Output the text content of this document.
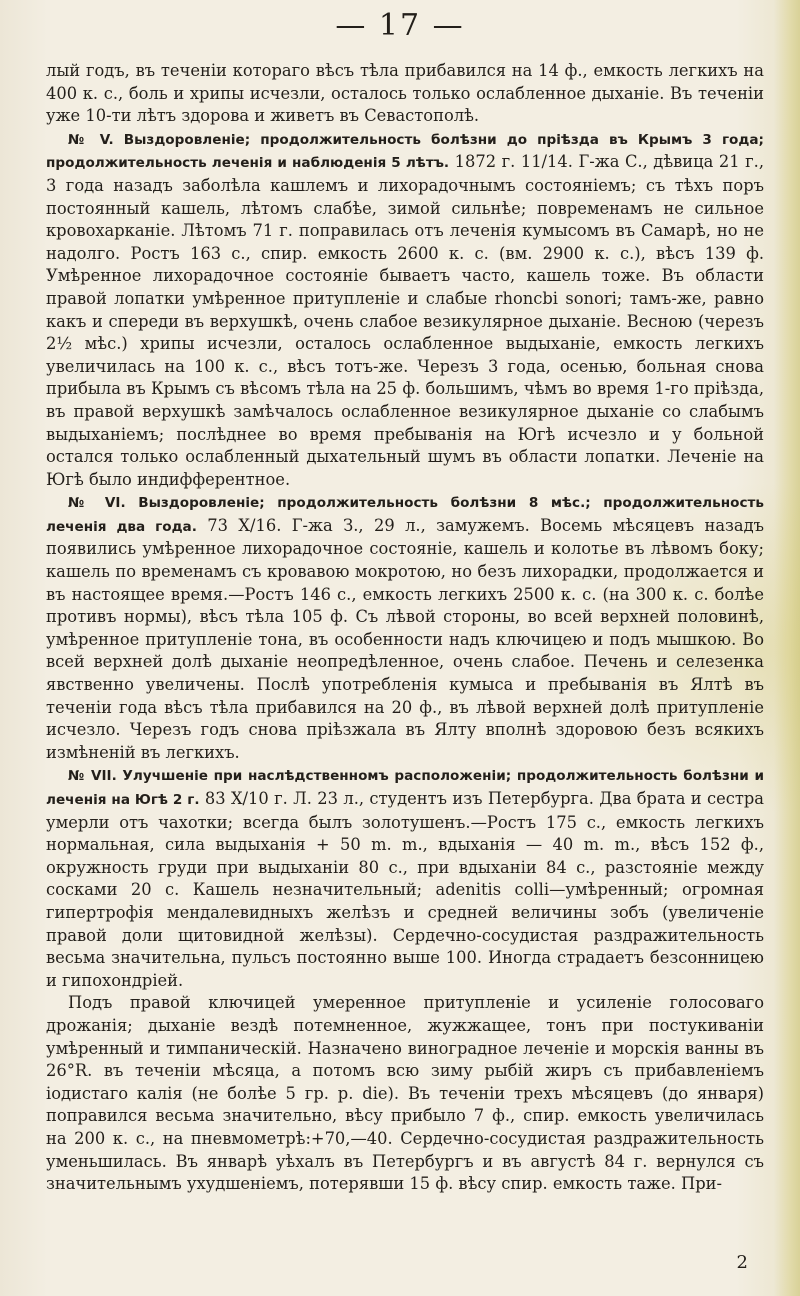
— 17 —

лый годъ, въ теченіи котораго вѣсъ тѣла прибавился на 14 ф., емкость легкихъ на 400 к. с., боль и хрипы исчезли, осталось только ослабленное дыханіе. Въ теченіи уже 10-ти лѣтъ здорова и живетъ въ Севастополѣ.

№ V. Выздоровленіе; продолжительность болѣзни до пріѣзда въ Крымъ 3 года; продолжительность леченія и наблюденія 5 лѣтъ. 1872 г. 11/14. Г-жа С., дѣвица 21 г., 3 года назадъ заболѣла кашлемъ и лихорадочнымъ состояніемъ; съ тѣхъ поръ постоянный кашель, лѣтомъ слабѣе, зимой сильнѣе; повременамъ не сильное кровохарканіе. Лѣтомъ 71 г. поправилась отъ леченія кумысомъ въ Самарѣ, но не надолго. Ростъ 163 с., спир. емкость 2600 к. с. (вм. 2900 к. с.), вѣсъ 139 ф. Умѣренное лихорадочное состояніе бываетъ часто, кашель тоже. Въ области правой лопатки умѣренное притупленіе и слабые rhoncbi sonori; тамъ-же, равно какъ и спереди въ верхушкѣ, очень слабое везикулярное дыханіе. Весною (черезъ 2½ мѣс.) хрипы исчезли, осталось ослабленное выдыханіе, емкость легкихъ увеличилась на 100 к. с., вѣсъ тотъ-же. Черезъ 3 года, осенью, больная снова прибыла въ Крымъ съ вѣсомъ тѣла на 25 ф. большимъ, чѣмъ во время 1-го пріѣзда, въ правой верхушкѣ замѣчалось ослабленное везикулярное дыханіе со слабымъ выдыханіемъ; послѣднее во время пребыванія на Югѣ исчезло и у больной остался только ослабленный дыхательный шумъ въ области лопатки. Леченіе на Югѣ было индифферентное.

№ VI. Выздоровленіе; продолжительность болѣзни 8 мѣс.; продолжительность леченія два года. 73 X/16. Г-жа З., 29 л., замужемъ. Восемь мѣсяцевъ назадъ появились умѣренное лихорадочное состояніе, кашель и колотье въ лѣвомъ боку; кашель по временамъ съ кровавою мокротою, но безъ лихорадки, продолжается и въ настоящее время.—Ростъ 146 с., емкость легкихъ 2500 к. с. (на 300 к. с. болѣе противъ нормы), вѣсъ тѣла 105 ф. Съ лѣвой стороны, во всей верхней половинѣ, умѣренное притупленіе тона, въ особенности надъ ключицею и подъ мышкою. Во всей верхней долѣ дыханіе неопредѣленное, очень слабое. Печень и селезенка явственно увеличены. Послѣ употребленія кумыса и пребыванія въ Ялтѣ въ теченіи года вѣсъ тѣла прибавился на 20 ф., въ лѣвой верхней долѣ притупленіе исчезло. Черезъ годъ снова пріѣзжала въ Ялту вполнѣ здоровою безъ всякихъ измѣненій въ легкихъ.

№ VII. Улучшеніе при наслѣдственномъ расположеніи; продолжительность болѣзни и леченія на Югѣ 2 г. 83 X/10 г. Л. 23 л., студентъ изъ Петербурга. Два брата и сестра умерли отъ чахотки; всегда былъ золотушенъ.—Ростъ 175 с., емкость легкихъ нормальная, сила выдыханія + 50 m. m., вдыханія — 40 m. m., вѣсъ 152 ф., окружность груди при выдыханіи 80 с., при вдыханіи 84 с., разстояніе между сосками 20 с. Кашель незначительный; adenitis colli—умѣренный; огромная гипертрофія мендалевидныхъ желѣзъ и средней величины зобъ (увеличеніе правой доли щитовидной желѣзы). Сердечно-сосудистая раздражительность весьма значительна, пульсъ постоянно выше 100. Иногда страдаетъ безсонницею и гипохондріей.

Подъ правой ключицей умеренное притупленіе и усиленіе голосоваго дрожанія; дыханіе вездѣ потемненное, жужжащее, тонъ при постукиваніи умѣренный и тимпаническій. Назначено виноградное леченіе и морскія ванны въ 26°R. въ теченіи мѣсяца, а потомъ всю зиму рыбій жиръ съ прибавленіемъ іодистаго калія (не болѣе 5 гр. p. die). Въ теченіи трехъ мѣсяцевъ (до января) поправился весьма значительно, вѣсу прибыло 7 ф., спир. емкость увеличилась на 200 к. с., на пневмометрѣ:+70,—40. Сердечно-сосудистая раздражительность уменьшилась. Въ январѣ уѣхалъ въ Петербургъ и въ августѣ 84 г. вернулся съ значительнымъ ухудшеніемъ, потерявши 15 ф. вѣсу спир. емкость таже. При-

2
